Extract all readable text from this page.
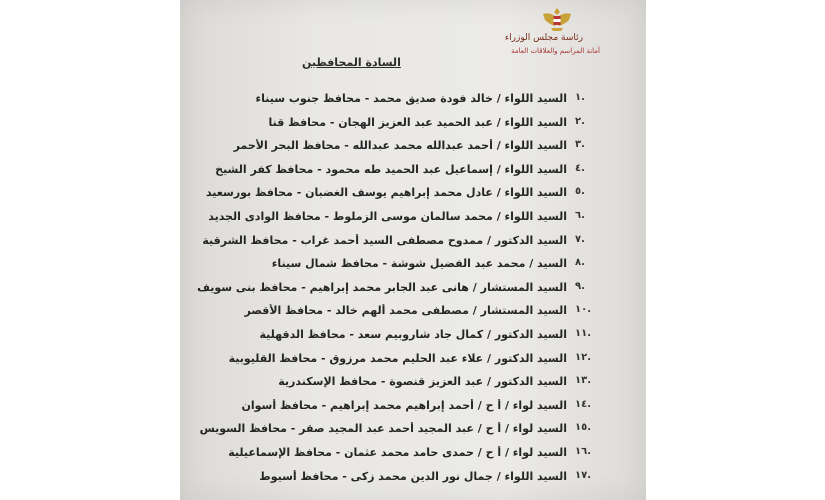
رئاسة مجلس الوزراء
أمانة المراسم والعلاقات العامة
السادة المحافظين
١.
السيد اللواء / خالد فودة صديق محمد - محافظ جنوب سيناء
٢.
السيد اللواء / عبد الحميد عبد العزيز الهجان - محافظ قنا
٣.
السيد اللواء / أحمد عبدالله محمد عبدالله - محافظ البحر الأحمر
٤.
السيد اللواء / إسماعيل عبد الحميد طه محمود - محافظ كفر الشيخ
٥.
السيد اللواء / عادل محمد إبراهيم يوسف الغضبان - محافظ بورسعيد
٦.
السيد اللواء / محمد سالمان موسى الزملوط - محافظ الوادى الجديد
٧.
السيد الدكتور / ممدوح مصطفى السيد أحمد غراب - محافظ الشرقية
٨.
السيد / محمد عبد الفضيل شوشة - محافظ شمال سيناء
٩.
السيد المستشار / هانى عبد الجابر محمد إبراهيم - محافظ بنى سويف
١٠.
السيد المستشار / مصطفى محمد ألهم خالد - محافظ الأقصر
١١.
السيد الدكتور / كمال جاد شاروبيم سعد - محافظ الدقهلية
١٢.
السيد الدكتور / علاء عبد الحليم محمد مرزوق - محافظ القليوبية
١٣.
السيد الدكتور / عبد العزيز قنصوة - محافظ الإسكندرية
١٤.
السيد لواء / أ ح / أحمد إبراهيم محمد إبراهيم - محافظ أسوان
١٥.
السيد لواء / أ ح / عبد المجيد أحمد عبد المجيد صقر - محافظ السويس
١٦.
السيد لواء / أ ح / حمدى حامد محمد عثمان - محافظ الإسماعيلية
١٧.
السيد اللواء / جمال نور الدين محمد زكى - محافظ أسيوط
